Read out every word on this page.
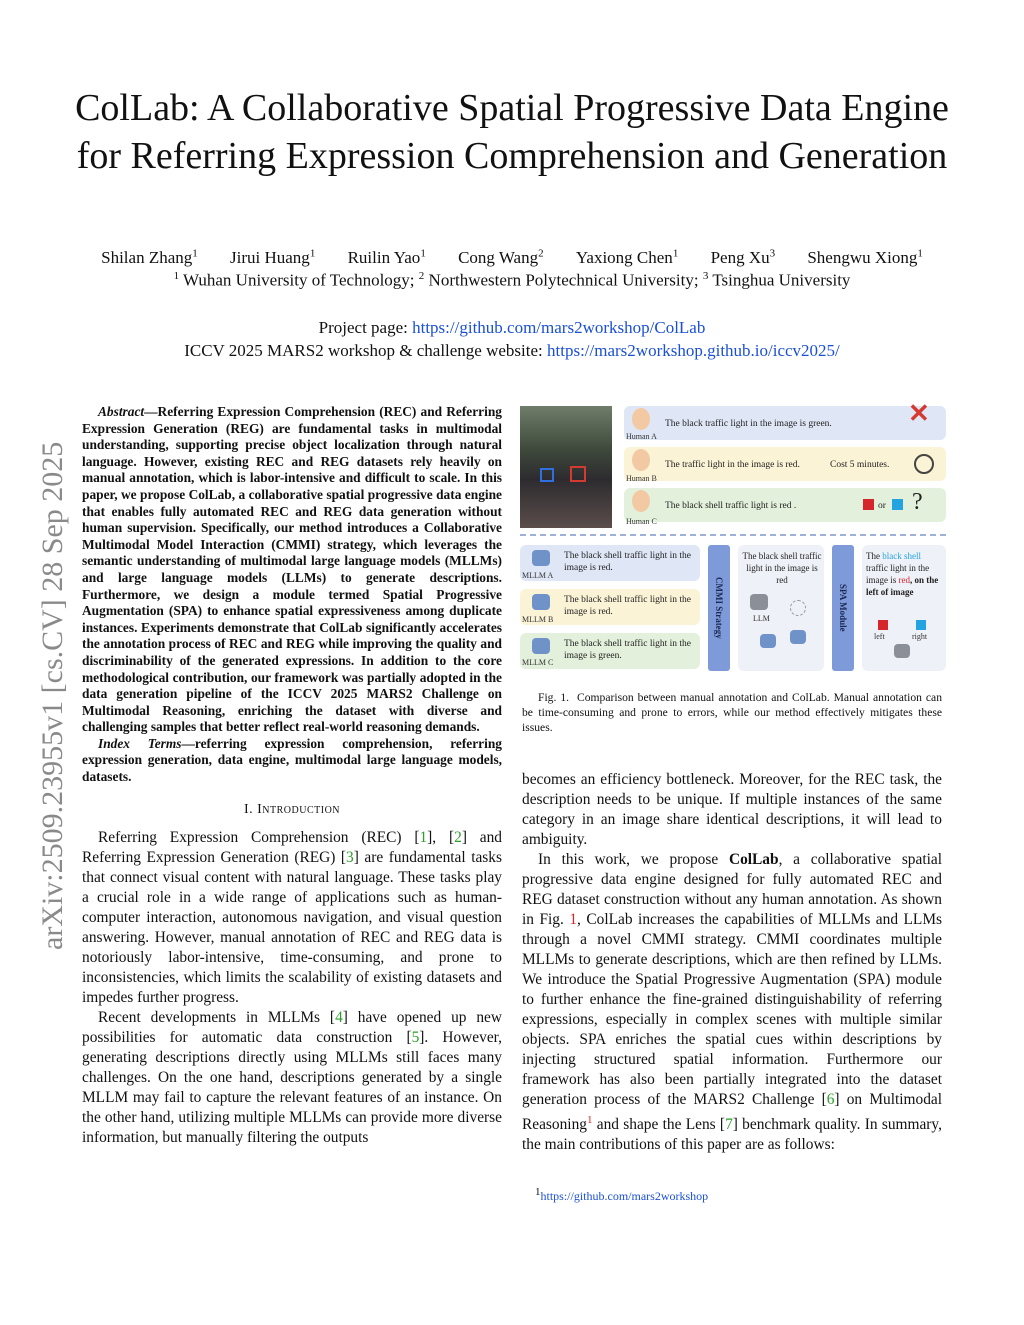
ColLab: A Collaborative Spatial Progressive Data Engine for Referring Expression Comprehension and Generation
Shilan Zhang$^1$ Jirui Huang$^1$ Ruilin Yao$^1$ Cong Wang$^2$ Yaxiong Chen$^1$ Peng Xu$^3$ Shengwu Xiong$^1$
$^1$ Wuhan University of Technology; $^2$ Northwestern Polytechnical University; $^3$ Tsinghua University
Project page: https://github.com/mars2workshop/ColLab
ICCV 2025 MARS2 workshop & challenge website: https://mars2workshop.github.io/iccv2025/
arXiv:2509.23955v1 [cs.CV] 28 Sep 2025
Abstract—Referring Expression Comprehension (REC) and Referring Expression Generation (REG) are fundamental tasks in multimodal understanding, supporting precise object localization through natural language. However, existing REC and REG datasets rely heavily on manual annotation, which is labor-intensive and difficult to scale. In this paper, we propose ColLab, a collaborative spatial progressive data engine that enables fully automated REC and REG data generation without human supervision. Specifically, our method introduces a Collaborative Multimodal Model Interaction (CMMI) strategy, which leverages the semantic understanding of multimodal large language models (MLLMs) and large language models (LLMs) to generate descriptions. Furthermore, we design a module termed Spatial Progressive Augmentation (SPA) to enhance spatial expressiveness among duplicate instances. Experiments demonstrate that ColLab significantly accelerates the annotation process of REC and REG while improving the quality and discriminability of the generated expressions. In addition to the core methodological contribution, our framework was partially adopted in the data generation pipeline of the ICCV 2025 MARS2 Challenge on Multimodal Reasoning, enriching the dataset with diverse and challenging samples that better reflect real-world reasoning demands.
Index Terms—referring expression comprehension, referring expression generation, data engine, multimodal large language models, datasets.
I. Introduction

Referring Expression Comprehension (REC) [1], [2] and Referring Expression Generation (REG) [3] are fundamental tasks that connect visual content with natural language. These tasks play a crucial role in a wide range of applications such as human-computer interaction, autonomous navigation, and visual question answering. However, manual annotation of REC and REG data is notoriously labor-intensive, time-consuming, and prone to inconsistencies, which limits the scalability of existing datasets and impedes further progress.

Recent developments in MLLMs [4] have opened up new possibilities for automatic data construction [5]. However, generating descriptions directly using MLLMs still faces many challenges. On the one hand, descriptions generated by a single MLLM may fail to capture the relevant features of an instance. On the other hand, utilizing multiple MLLMs can provide more diverse information, but manually filtering the outputs

Human A
The black traffic light in the image is green.	✕
Human B
The traffic light in the image is red.	Cost 5 minutes.
Human C
The black shell traffic light is red .	or ?
The black shell traffic light in the image is red.
MLLM A
The black shell traffic light in the image is red.
MLLM B
The black shell traffic light in the image is green.
MLLM C
CMMI Strategy
The black shell traffic light in the image is red
LLM	SPA Module
The black shell traffic light in the image is red, on the left of image
left	right
Fig. 1. Comparison between manual annotation and ColLab. Manual annotation can be time-consuming and prone to errors, while our method effectively mitigates these issues.

becomes an efficiency bottleneck. Moreover, for the REC task, the description needs to be unique. If multiple instances of the same category in an image share identical descriptions, it will lead to ambiguity.

In this work, we propose ColLab, a collaborative spatial progressive data engine designed for fully automated REC and REG dataset construction without any human annotation. As shown in Fig. 1, ColLab increases the capabilities of MLLMs and LLMs through a novel CMMI strategy. CMMI coordinates multiple MLLMs to generate descriptions, which are then refined by LLMs. We introduce the Spatial Progressive Augmentation (SPA) module to further enhance the fine-grained distinguishability of referring expressions, especially in complex scenes with multiple similar objects. SPA enriches the spatial cues within descriptions by injecting structured spatial information. Furthermore our framework has also been partially integrated into the dataset generation process of the MARS2 Challenge [6] on Multimodal Reasoning$^1$ and shape the Lens [7] benchmark quality. In summary, the main contributions of this paper are as follows:

$^1$https://github.com/mars2workshop
